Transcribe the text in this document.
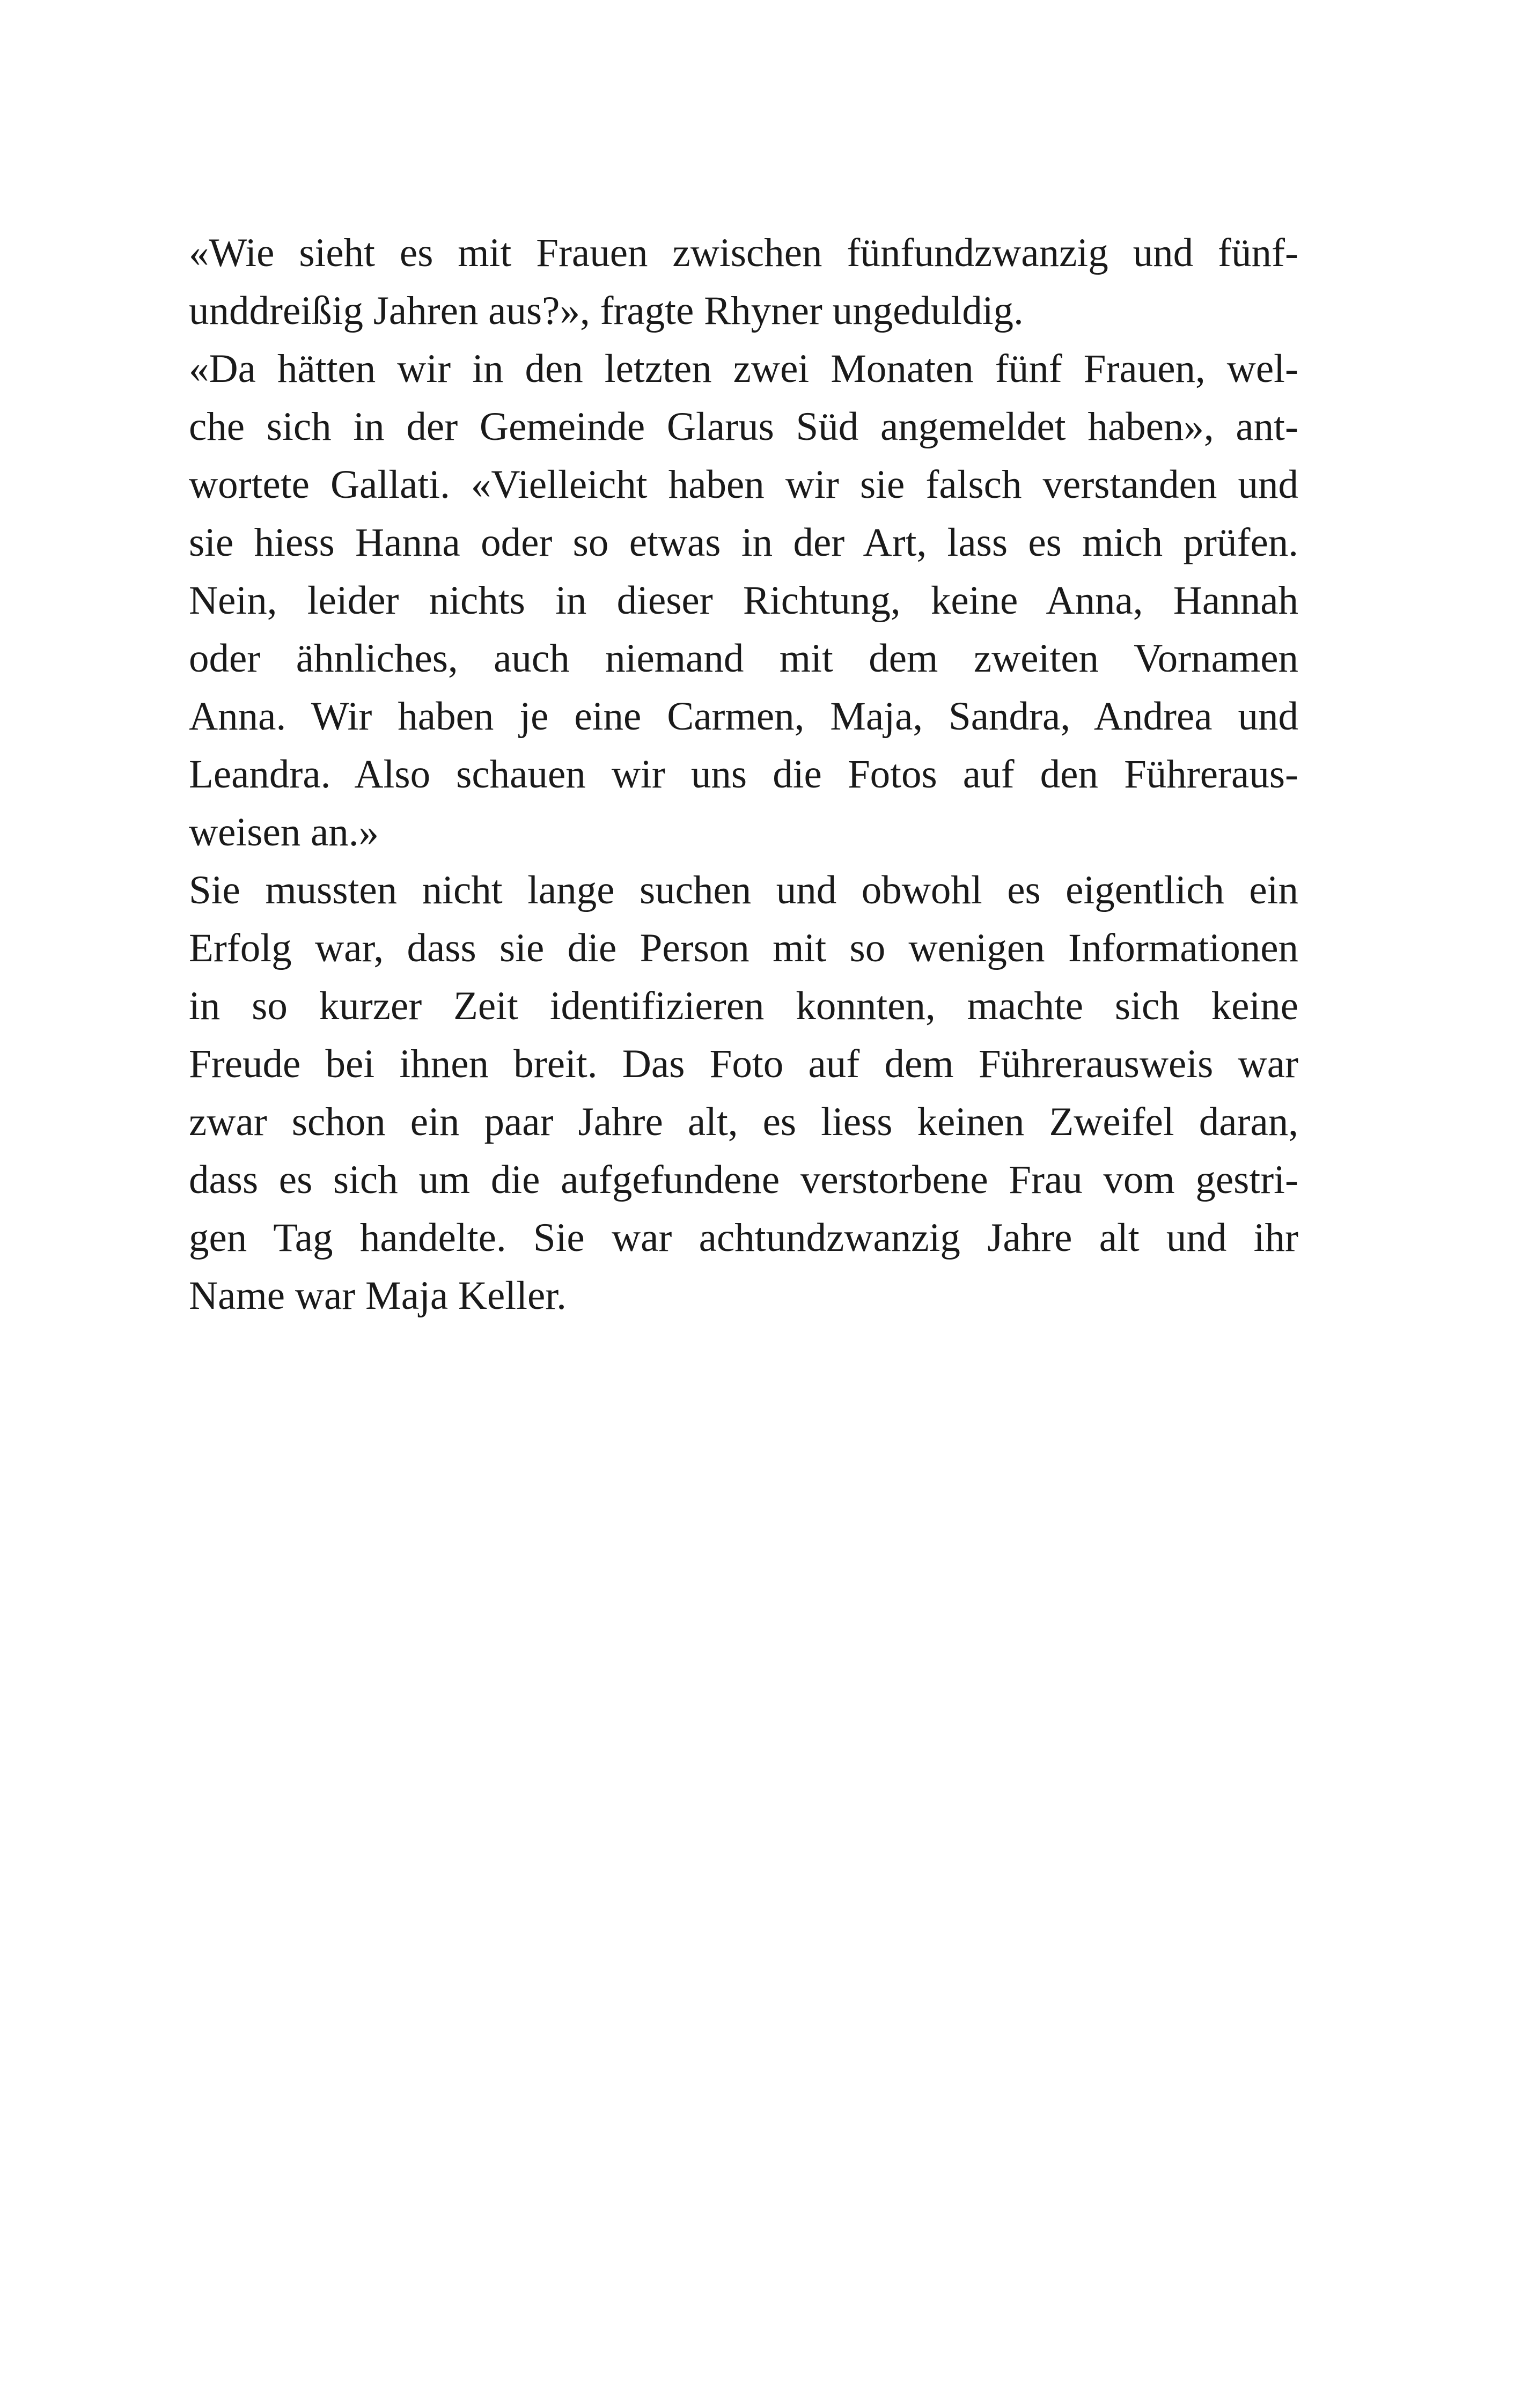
«Wie sieht es mit Frauen zwischen fünfundzwanzig und fünf-
unddreißig Jahren aus?», fragte Rhyner ungeduldig.
«Da hätten wir in den letzten zwei Monaten fünf Frauen, wel-
che sich in der Gemeinde Glarus Süd angemeldet haben», ant-
wortete Gallati. «Vielleicht haben wir sie falsch verstanden und
sie hiess Hanna oder so etwas in der Art, lass es mich prüfen.
Nein, leider nichts in dieser Richtung, keine Anna, Hannah
oder ähnliches, auch niemand mit dem zweiten Vornamen
Anna. Wir haben je eine Carmen, Maja, Sandra, Andrea und
Leandra. Also schauen wir uns die Fotos auf den Führeraus-
weisen an.»
Sie mussten nicht lange suchen und obwohl es eigentlich ein
Erfolg war, dass sie die Person mit so wenigen Informationen
in so kurzer Zeit identifizieren konnten, machte sich keine
Freude bei ihnen breit. Das Foto auf dem Führerausweis war
zwar schon ein paar Jahre alt, es liess keinen Zweifel daran,
dass es sich um die aufgefundene verstorbene Frau vom gestri-
gen Tag handelte. Sie war achtundzwanzig Jahre alt und ihr
Name war Maja Keller.
